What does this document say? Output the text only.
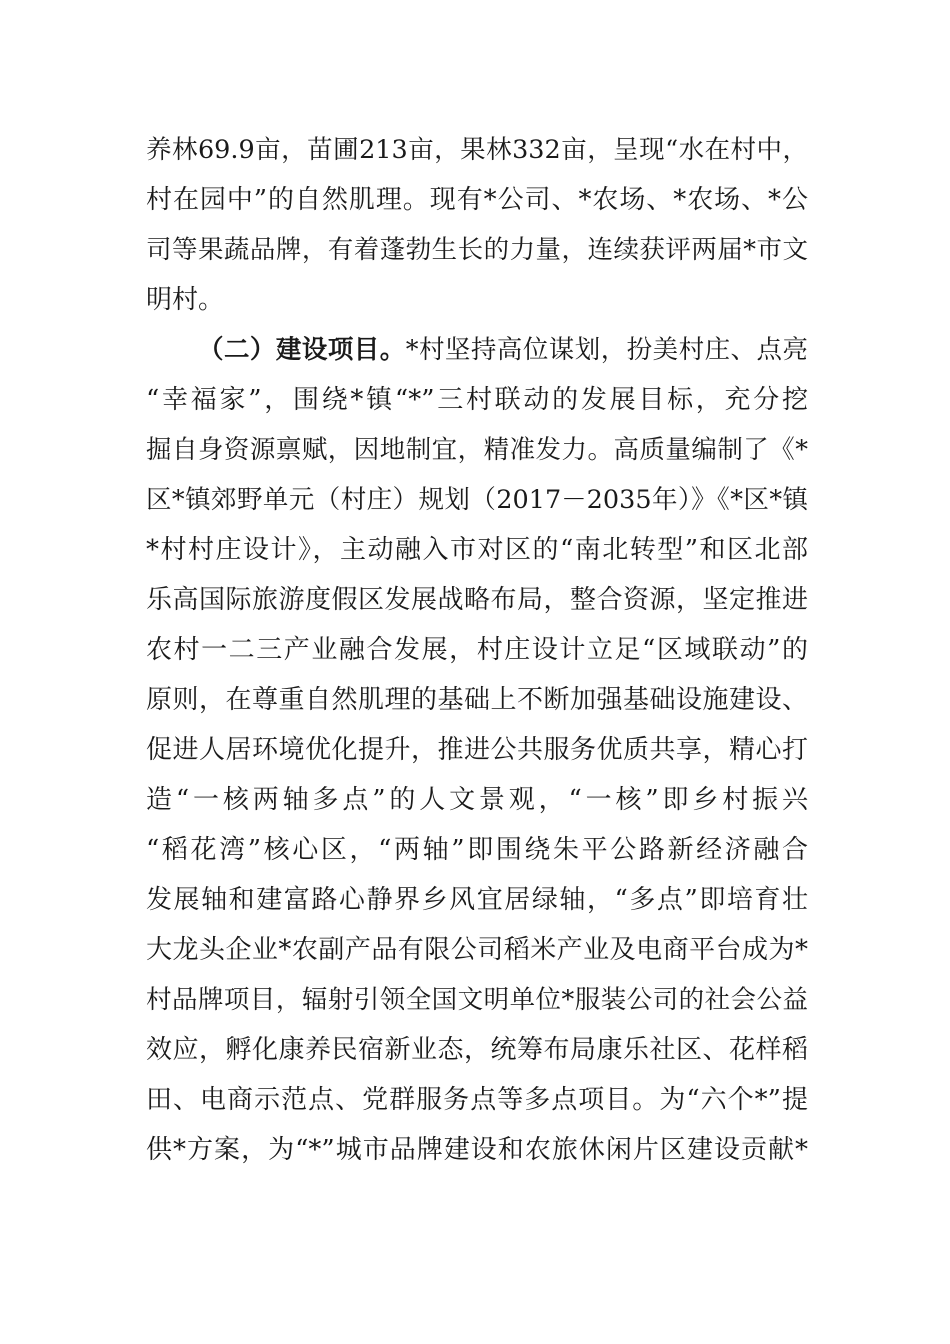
养林69.9亩，苗圃213亩，果林332亩，呈现“水在村中，
村在园中”的自然肌理。现有*公司、*农场、*农场、*公
司等果蔬品牌，有着蓬勃生长的力量，连续获评两届*市文
明村。
（二）建设项目。*村坚持高位谋划，扮美村庄、点亮
“幸福家”，围绕*镇“*”三村联动的发展目标，充分挖
掘自身资源禀赋，因地制宜，精准发力。高质量编制了《*
区*镇郊野单元（村庄）规划（2017－2035年）》《*区*镇
*村村庄设计》，主动融入市对区的“南北转型”和区北部
乐高国际旅游度假区发展战略布局，整合资源，坚定推进
农村一二三产业融合发展，村庄设计立足“区域联动”的
原则，在尊重自然肌理的基础上不断加强基础设施建设、
促进人居环境优化提升，推进公共服务优质共享，精心打
造“一核两轴多点”的人文景观，“一核”即乡村振兴
“稻花湾”核心区，“两轴”即围绕朱平公路新经济融合
发展轴和建富路心静界乡风宜居绿轴，“多点”即培育壮
大龙头企业*农副产品有限公司稻米产业及电商平台成为*
村品牌项目，辐射引领全国文明单位*服装公司的社会公益
效应，孵化康养民宿新业态，统筹布局康乐社区、花样稻
田、电商示范点、党群服务点等多点项目。为“六个*”提
供*方案，为“*”城市品牌建设和农旅休闲片区建设贡献*
